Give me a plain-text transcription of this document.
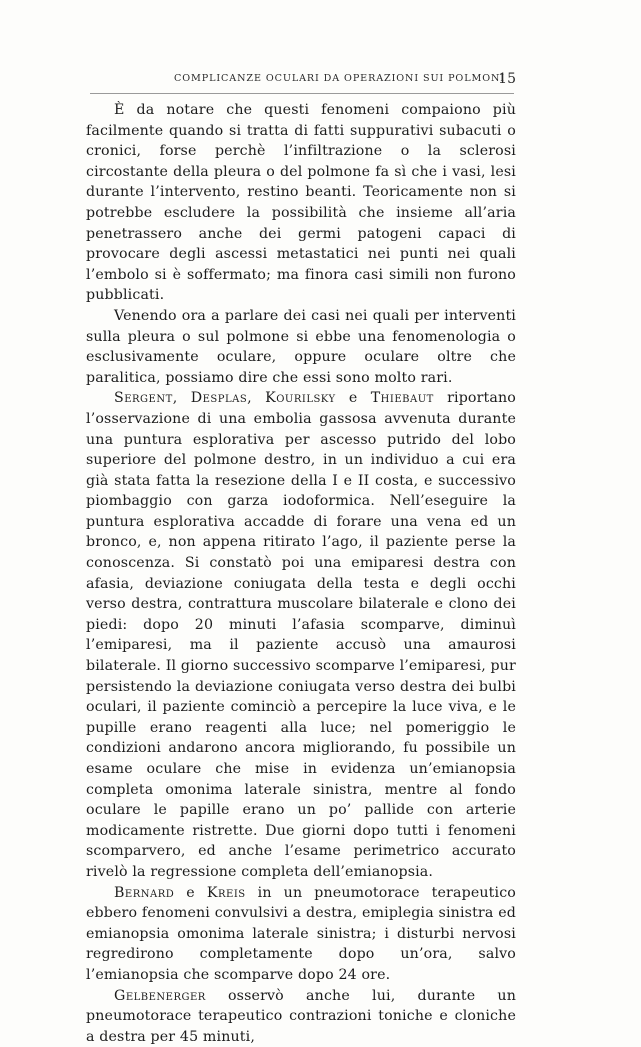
COMPLICANZE OCULARI DA OPERAZIONI SUI POLMONI
15

È da notare che questi fenomeni compaiono più facilmente quando si tratta di fatti suppurativi subacuti o cronici, forse perchè l’infiltrazione o la sclerosi circostante della pleura o del polmone fa sì che i vasi, lesi durante l’intervento, restino beanti. Teoricamente non si potrebbe escludere la possibilità che insieme all’aria penetrassero anche dei germi patogeni capaci di provocare degli ascessi metastatici nei punti nei quali l’embolo si è soffermato; ma finora casi simili non furono pubblicati.

Venendo ora a parlare dei casi nei quali per interventi sulla pleura o sul polmone si ebbe una fenomenologia o esclusivamente oculare, oppure oculare oltre che paralitica, possiamo dire che essi sono molto rari.

Sergent, Desplas, Kourilsky e Thiebaut riportano l’osservazione di una embolia gassosa avvenuta durante una puntura esplorativa per ascesso putrido del lobo superiore del polmone destro, in un individuo a cui era già stata fatta la resezione della I e II costa, e successivo piombaggio con garza iodoformica. Nell’eseguire la puntura esplorativa accadde di forare una vena ed un bronco, e, non appena ritirato l’ago, il paziente perse la conoscenza. Si constatò poi una emiparesi destra con afasia, deviazione coniugata della testa e degli occhi verso destra, contrattura muscolare bilaterale e clono dei piedi: dopo 20 minuti l’afasia scomparve, diminuì l’emiparesi, ma il paziente accusò una amaurosi bilaterale. Il giorno successivo scomparve l’emiparesi, pur persistendo la deviazione coniugata verso destra dei bulbi oculari, il paziente cominciò a percepire la luce viva, e le pupille erano reagenti alla luce; nel pomeriggio le condizioni andarono ancora migliorando, fu possibile un esame oculare che mise in evidenza un’emianopsia completa omonima laterale sinistra, mentre al fondo oculare le papille erano un po’ pallide con arterie modicamente ristrette. Due giorni dopo tutti i fenomeni scomparvero, ed anche l’esame perimetrico accurato rivelò la regressione completa dell’emianopsia.

Bernard e Kreis in un pneumotorace terapeutico ebbero fenomeni convulsivi a destra, emiplegia sinistra ed emianopsia omonima laterale sinistra; i disturbi nervosi regredirono completamente dopo un’ora, salvo l’emianopsia che scomparve dopo 24 ore.

Gelbenerger osservò anche lui, durante un pneumotorace terapeutico contrazioni toniche e cloniche a destra per 45 minuti,
